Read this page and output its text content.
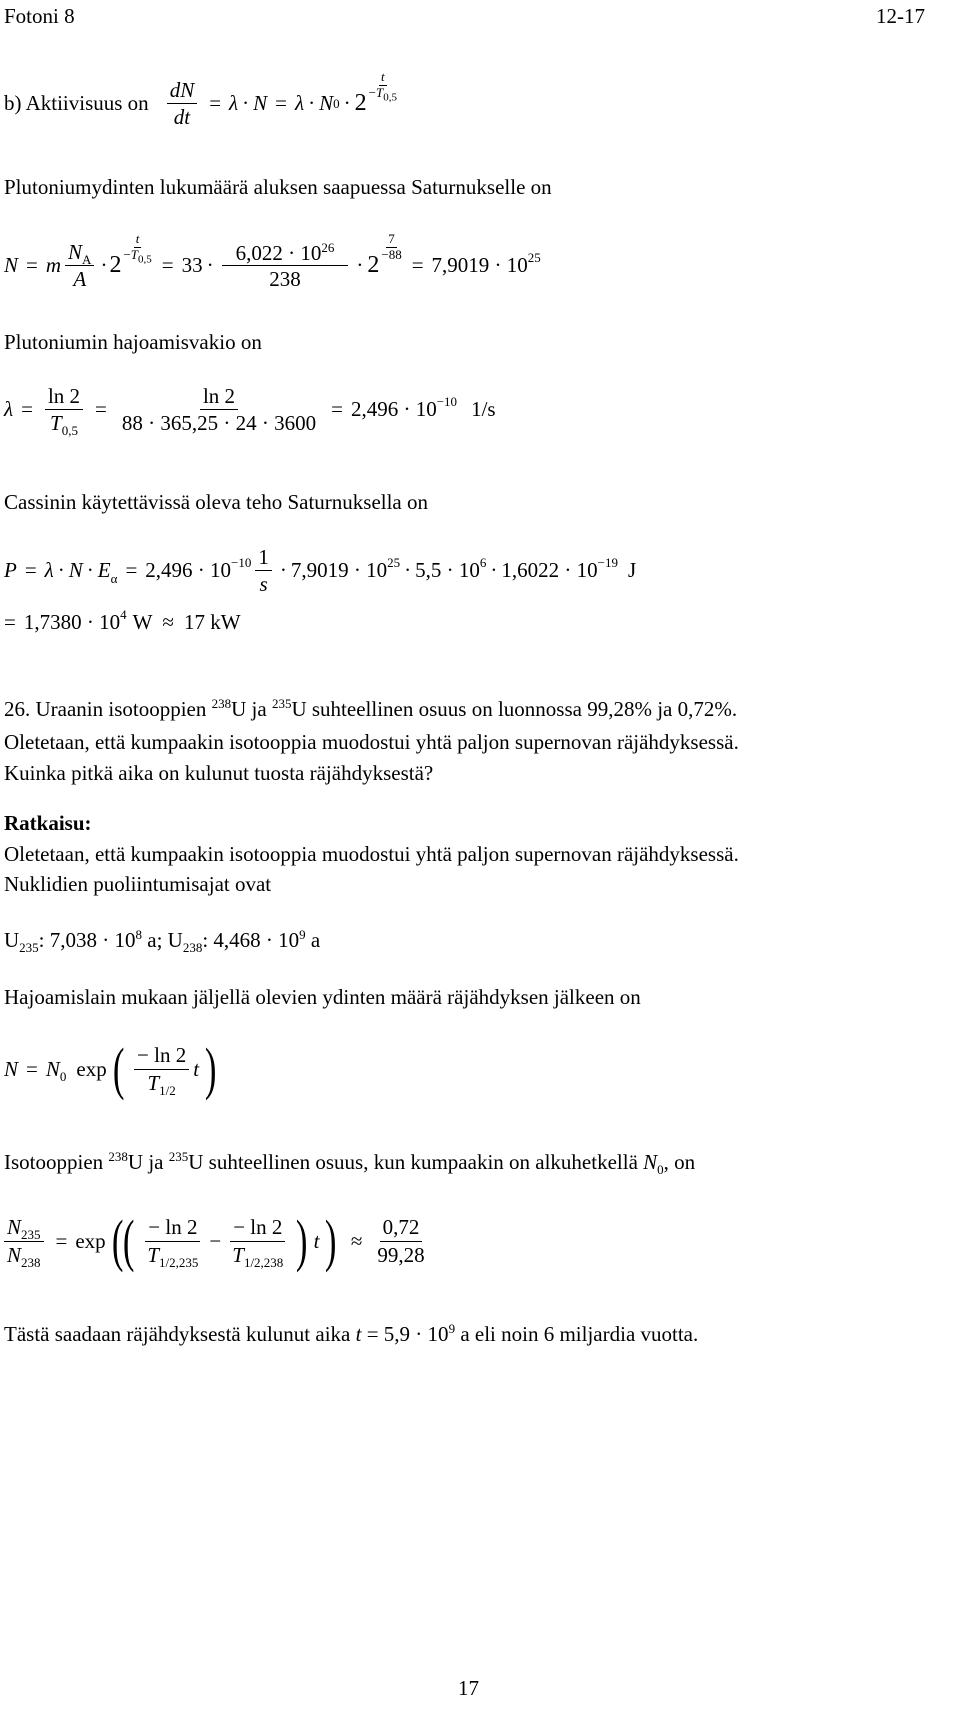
Fotoni 8	12-17
b) Aktiivisuus on $\frac{dN}{dt} = \lambda \cdot N = \lambda \cdot N$ 0 · 2
$\frac{t}{-T_{0,5}}$
Plutoniumydinten lukumäärä aluksen saapuessa Saturnukselle on
N = m $\frac{N_A}{A} \cdot 2$
$\frac{t}{-T_{0,5}}$
= $33 \cdot \frac{6,022 \cdot 10^{26}}{238} \cdot 2$
$\frac{7}{-88}$
= $7,9019 \cdot 10^{25}$
Plutoniumin hajoamisvakio on
$\lambda = \frac{\ln 2}{T_{0,5}} = \frac{\ln 2}{88 \cdot 365,25 \cdot 24 \cdot 3600} = 2,496 \cdot 10^{-10}$ 1/s
Cassinin käytettävissä oleva teho Saturnuksella on
$P = \lambda \cdot N \cdot E_\alpha = 2,496 \cdot 10^{-10} \frac{1}{s} \cdot 7,9019 \cdot 10^{25} \cdot 5,5 \cdot 10^6 \cdot 1,6022 \cdot 10^{-19}$ J
= $1,7380 \cdot 10^4$ W ≈ 17 kW
26. Uraanin isotooppien $^{238}$U ja $^{235}$U suhteellinen osuus on luonnossa 99,28% ja 0,72%.
Oletetaan, että kumpaakin isotooppia muodostui yhtä paljon supernovan räjähdyksessä.
Kuinka pitkä aika on kulunut tuosta räjähdyksestä?
Ratkaisu:
Oletetaan, että kumpaakin isotooppia muodostui yhtä paljon supernovan räjähdyksessä.
Nuklidien puoliintumisajat ovat
$U_{235}$: $7,038 \cdot 10^8$ a; $U_{238}$: $4,468 \cdot 10^9$ a
Hajoamislain mukaan jäljellä olevien ydinten määrä räjähdyksen jälkeen on
$N = N_0$ exp ( $\frac{- \ln 2}{T_{1/2}}$ t )
Isotooppien $^{238}$U ja $^{235}$U suhteellinen osuus, kun kumpaakin on alkuhetkellä $N_0$, on
$\frac{N_{235}}{N_{238}} = \exp$ ( ( $\frac{- \ln 2}{T_{1/2,235}} - \frac{- \ln 2}{T_{1/2,238}}$ ) t ) ≈ $\frac{0,72}{99,28}$
Tästä saadaan räjähdyksestä kulunut aika $t = 5,9 \cdot 10^9$ a eli noin 6 miljardia vuotta.
17
